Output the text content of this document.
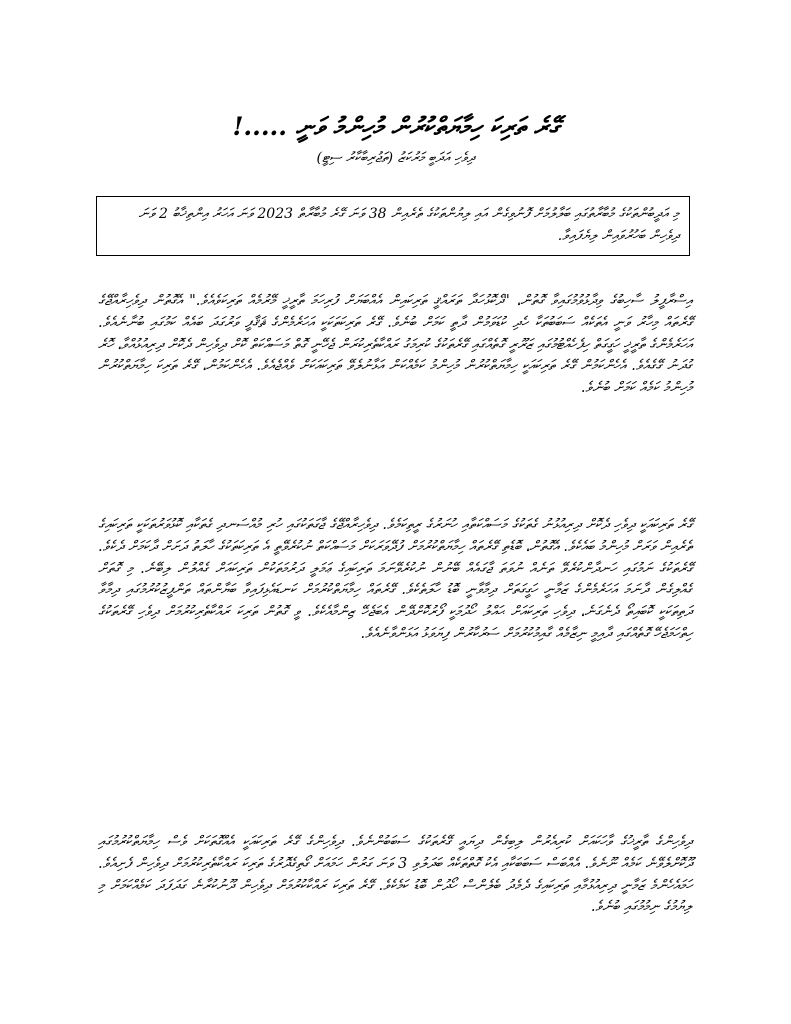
ގޭރެ ތަރިކަ ހިމާޔަތްކުރުން މުހިންމު ވަނީ .....!
ދިވެހި އަދަބީ މަރުކަޒު (ތަޖުރިބާކާރު ސިޓީ)

މި އަދީބުންތަކުގެ މުބާރާތުގައި ބަލާލުމަށް ފޮނުވިގެން އައި ލިޔުންތަކުގެ ތެރެއިން 38 ވަނަ ގޭރެ މުބާރާތް 2023 ވަނަ އަހަރު އިންތިޚާބު 2 ވަނަ ދިވެހިން ބަހުރުވައިން ލިޔެފައިވާ.

އިސްރާފީލު ސާހިބުގެ ވިދާޅުވުމުގައިވާ ގޮތުން، "ދެކޮޅުހަދާ ތަރައްޤީ ތަރިކައިން އެއްބަޔަށް ފުރިހަމަ ތާރީޚީ މޭރުމެއް ތަރިކަވެއެވެ." އެގޮތުން ދިވެހިރާއްޖޭގެ ގޭރެތައް މިހާރު ވަނީ އެތަކެއް ސަބަބުތަކާ ހެދި ކުޑަވަމުން ދާތީ ކަމަށް ބުނެވެ. ގޭރެ ތަރިކަތަކަކީ އަހަރެމެންގެ ޘަޤާފީ ވަރުގަދަ ބައެއް ކަމުގައި ބުނާނެއެވެ. އަހަރެމެންގެ ތާރީޚީ ހަގީގަތް ހިފެހެއްޓުމުގައި ޒަރޫރީ ގޮތެއްގައި ގޭރެތަކުގެ ކުރިމަގު ރައްކާތެރިކުރަން ޖެހޭނީ ގޮތް މަސައްކަތް ކޮށް ދިވެހިން ދެކޮށް ދިރިއުޅުއްވާ، ހޮރެ ގުދަނު ގޭގެއެވެ. އެހެންކަމުން ގޭރެ ތަރިކައަކީ ހިމާޔަތްކުރުން މުހިންމު ކަމެއްކަން އަޅާނުލެވޭ ތަރިކައަކަށް ވެއްޖެއެވެ. އެހެންކަމުން، ގޭރެ ތަރިކަ ހިމާޔަތްކުރުން މުހިންމު ކަމެއް ކަމަށް ބުނެވެ.

ގޭރެ ތަރިކައަކީ ދިވެހި ދެކޮށް ދިރިއުޅުނު ގެތަކުގެ މަސައްކަތާއި ހުނަރުގެ ރީތިކަމެވެ. ދިވެހިރާއްޖޭގެ ޖާގަތަކުގައި ހުރި މުއްސަނދި ގެތަކާއި ކޮޅުވަރުތަކަކީ ތަރިކައިގެ ތެރެއިން ވަރަށް މުހިންމު ބައެކެވެ. އެގޮތުން، ބޮޑެތި ގޭރެތައް ހިމާޔަތްކުރުމަށް ފުދޭވަރަކަށް މަސައްކަތް ނުކުރެވޭތީ އެ ތަރިކަތަކުގެ ހާލަތު ދަށަށް ދާކަމަށް ދެކެވެ. ގޭރެތަކުގެ ނަމުގައި ހަނދާންކުރެވޭ ތަނެއް ނުވަތަ ޖާގައެއް ބޭނުން ނުކުރެވޭނަމަ ތަރިކައިގެ ޢަމަލީ ދަރުމަތަކުން ތަރިކައަށް ގެއްލުން ލިބޭނެ. މި ގޮތަށް ގެއްލިގެން ދާނަމަ އަހަރެމެންގެ ޒަމާނީ ހަގީގަތަށް ދިމާވާނީ ބޮޑު ހާލަތެކެވެ. ގޭރެތައް ހިމާޔަތްކުރުމަށް ކަނޑައެޅިފައިވާ ބަޔާންތައް ތަންފީޒުކުރުމުގައި ދިމާވާ ދަތިތަކަކީ ކޮބައިތޯ ދެނެގަނެ، ދިވެހި ތަރިކައަށް ޙައްލު ހޯދުމަކީ ފޯރުކޮށްދޭން އެބަޖެހޭ ޒިންމާއެކެވެ. ވީ ގޮތުން ތަރިކަ ރައްކާތެރިކުރުމަށް ދިވެހި ގޭރެތަކުގެ ހިތްހަމަޖެހޭ ގޮތެއްގައި ދާއިމީ ނިޒާމެއް ގާއިމުކުރުމަށް ސަރުކާރުން ފިޔަވަޅު އަޅަންވާނެއެވެ.

ދިވެހިންގެ ތާރީޚުގެ ވާހަކައަށް ކުރިއެރުން ލިބިގެން ދިޔައީ ގޭރެތަކުގެ ސަބަބުންނެވެ. ދިވެހިންގެ ގޭރެ ތަރިކައަކީ އެއްގޮތަކަށް ވެސް ހިމާޔަތްކުރުމުގައި ދޫކޮށްލެވޭނެ ކަމެއް ނޫނެވެ. އެއްބަސް ސަބަބަކާއި އެކު ގޮތްތަކެއް ބަދަލުވި 3 ވަނަ ގަރުން ހަމައަށް ގޯތިގެދޮރުގެ ތަރިކަ ރައްކާތެރިކުރުމަށް ދިވެހިން ފެށިއެވެ. ހަމައެހެންމެ ޒަމާނީ ދިރިއުޅުމާއި ތަރިކައިގެ ދެމެދު ބެލެންސް ހޯދުން ބޮޑު ކަމެކެވެ. ގޭރެ ތަރިކަ ރައްކާކުރުމަށް ދިވެހިން ދޫނުކުރާނެ ގަދަފަދަ ކަމެއްކަމަށް މި ލިޔުމުގެ ނިމުމުގައި ބުނެވެ.
